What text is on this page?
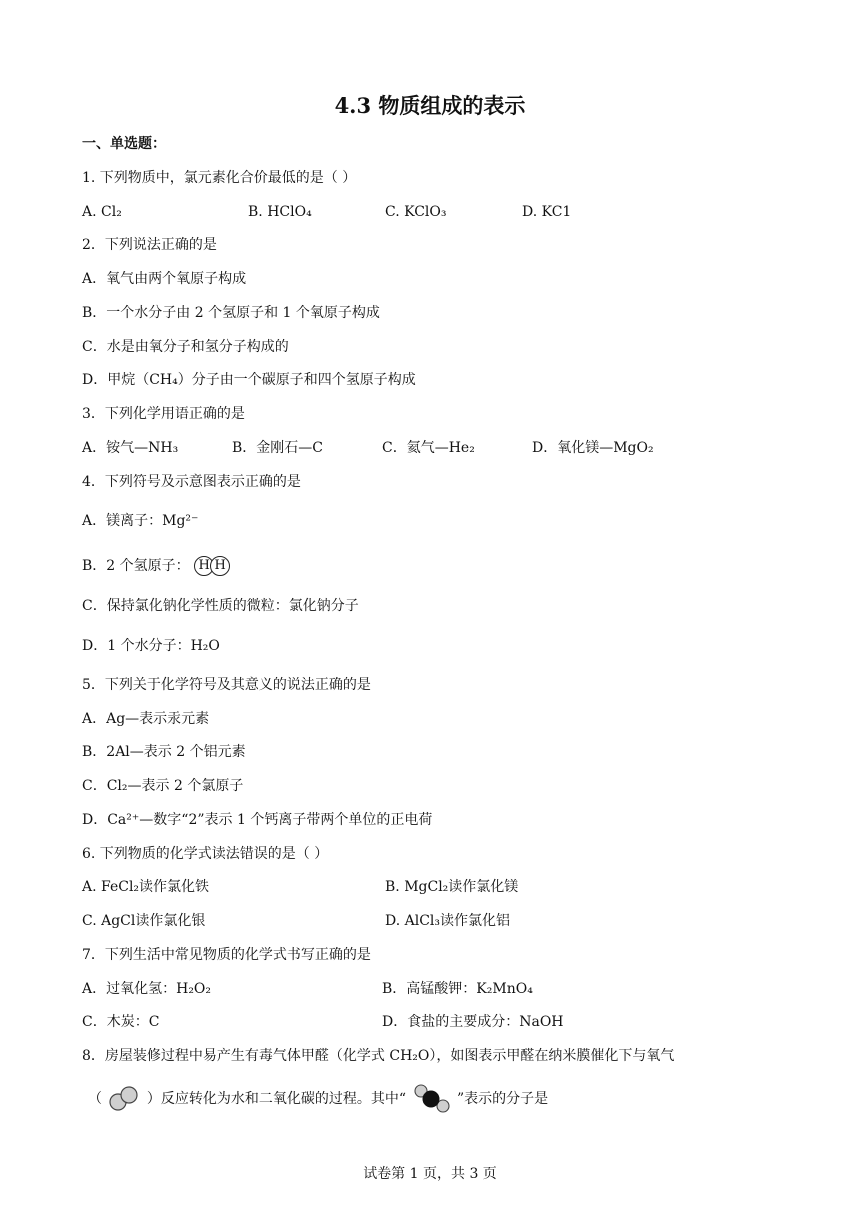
4.3 物质组成的表示
一、单选题：
1. 下列物质中，氯元素化合价最低的是（ ）
A. Cl₂	B. HClO₄	C. KClO₃	D. KC1
2．下列说法正确的是
A．氧气由两个氧原子构成
B．一个水分子由 2 个氢原子和 1 个氧原子构成
C．水是由氧分子和氢分子构成的
D．甲烷（CH₄）分子由一个碳原子和四个氢原子构成
3．下列化学用语正确的是
A．铵气—NH₃	B．金刚石—C	C．氦气—He₂	D．氧化镁—MgO₂
4．下列符号及示意图表示正确的是
A．镁离子：Mg²⁻
B．2 个氢原子： H H
C．保持氯化钠化学性质的微粒：氯化钠分子
D．1 个水分子：H₂O
5．下列关于化学符号及其意义的说法正确的是
A．Ag—表示汞元素
B．2Al—表示 2 个铝元素
C．Cl₂—表示 2 个氯原子
D．Ca²⁺—数字“2”表示 1 个钙离子带两个单位的正电荷
6. 下列物质的化学式读法错误的是（ ）
A. FeCl₂读作氯化铁	B. MgCl₂读作氯化镁
C. AgCl读作氯化银	D. AlCl₃读作氯化铝
7．下列生活中常见物质的化学式书写正确的是
A．过氧化氢：H₂O₂	B．高锰酸钾：K₂MnO₄
C．木炭：C	D．食盐的主要成分：NaOH
8．房屋装修过程中易产生有毒气体甲醛（化学式 CH₂O），如图表示甲醛在纳米膜催化下与氧气
（	）反应转化为水和二氧化碳的过程。其中“	”表示的分子是
试卷第 1 页，共 3 页
